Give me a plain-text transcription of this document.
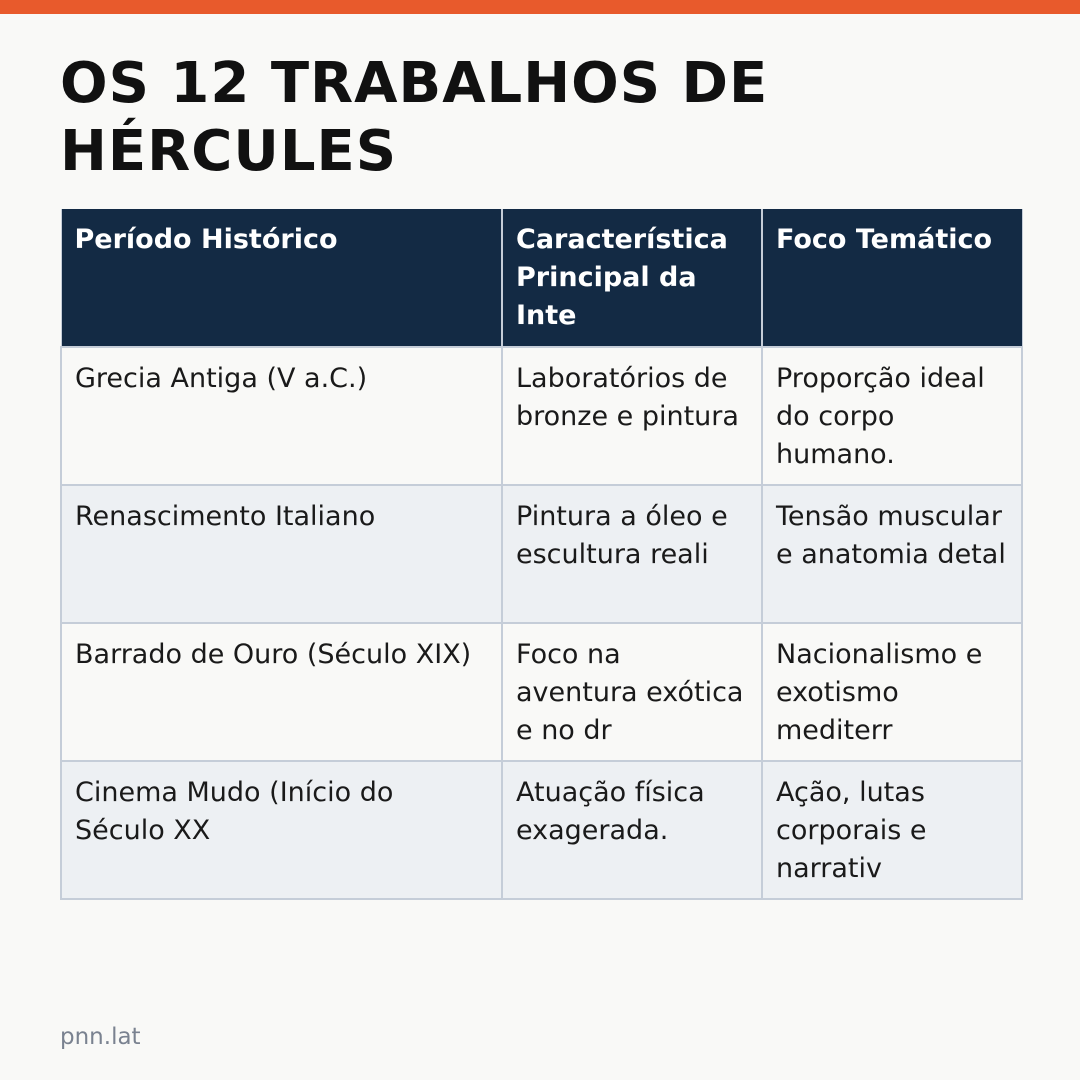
OS 12 TRABALHOS DE HÉRCULES
Período Histórico	Característica Principal da Inte	Foco Temático
Grecia Antiga (V a.C.)	Laboratórios de bronze e pintura	Proporção ideal do corpo humano.
Renascimento Italiano	Pintura a óleo e escultura reali	Tensão muscular e anatomia detal
Barrado de Ouro (Século XIX)	Foco na aventura exótica e no dr	Nacionalismo e exotismo mediterr
Cinema Mudo (Início do Século XX	Atuação física exagerada.	Ação, lutas corporais e narrativ
pnn.lat
